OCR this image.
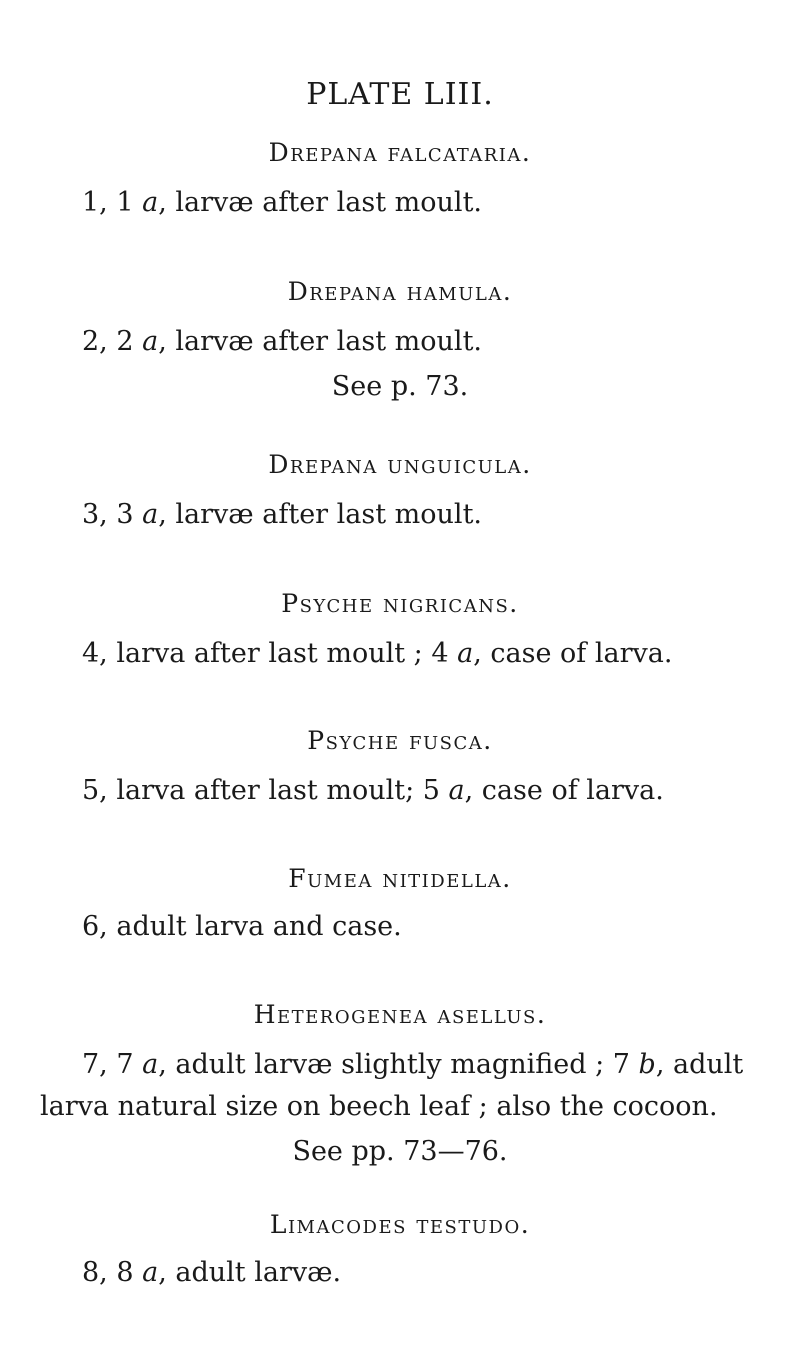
PLATE LIII.
Drepana falcataria.
1, 1 a, larvæ after last moult.
Drepana hamula.
2, 2 a, larvæ after last moult.
See p. 73.
Drepana unguicula.
3, 3 a, larvæ after last moult.
Psyche nigricans.
4, larva after last moult ; 4 a, case of larva.
Psyche fusca.
5, larva after last moult; 5 a, case of larva.
Fumea nitidella.
6, adult larva and case.
Heterogenea asellus.
7, 7 a, adult larvæ slightly magnified ; 7 b, adult
larva natural size on beech leaf ; also the cocoon.
See pp. 73—76.
Limacodes testudo.
8, 8 a, adult larvæ.
